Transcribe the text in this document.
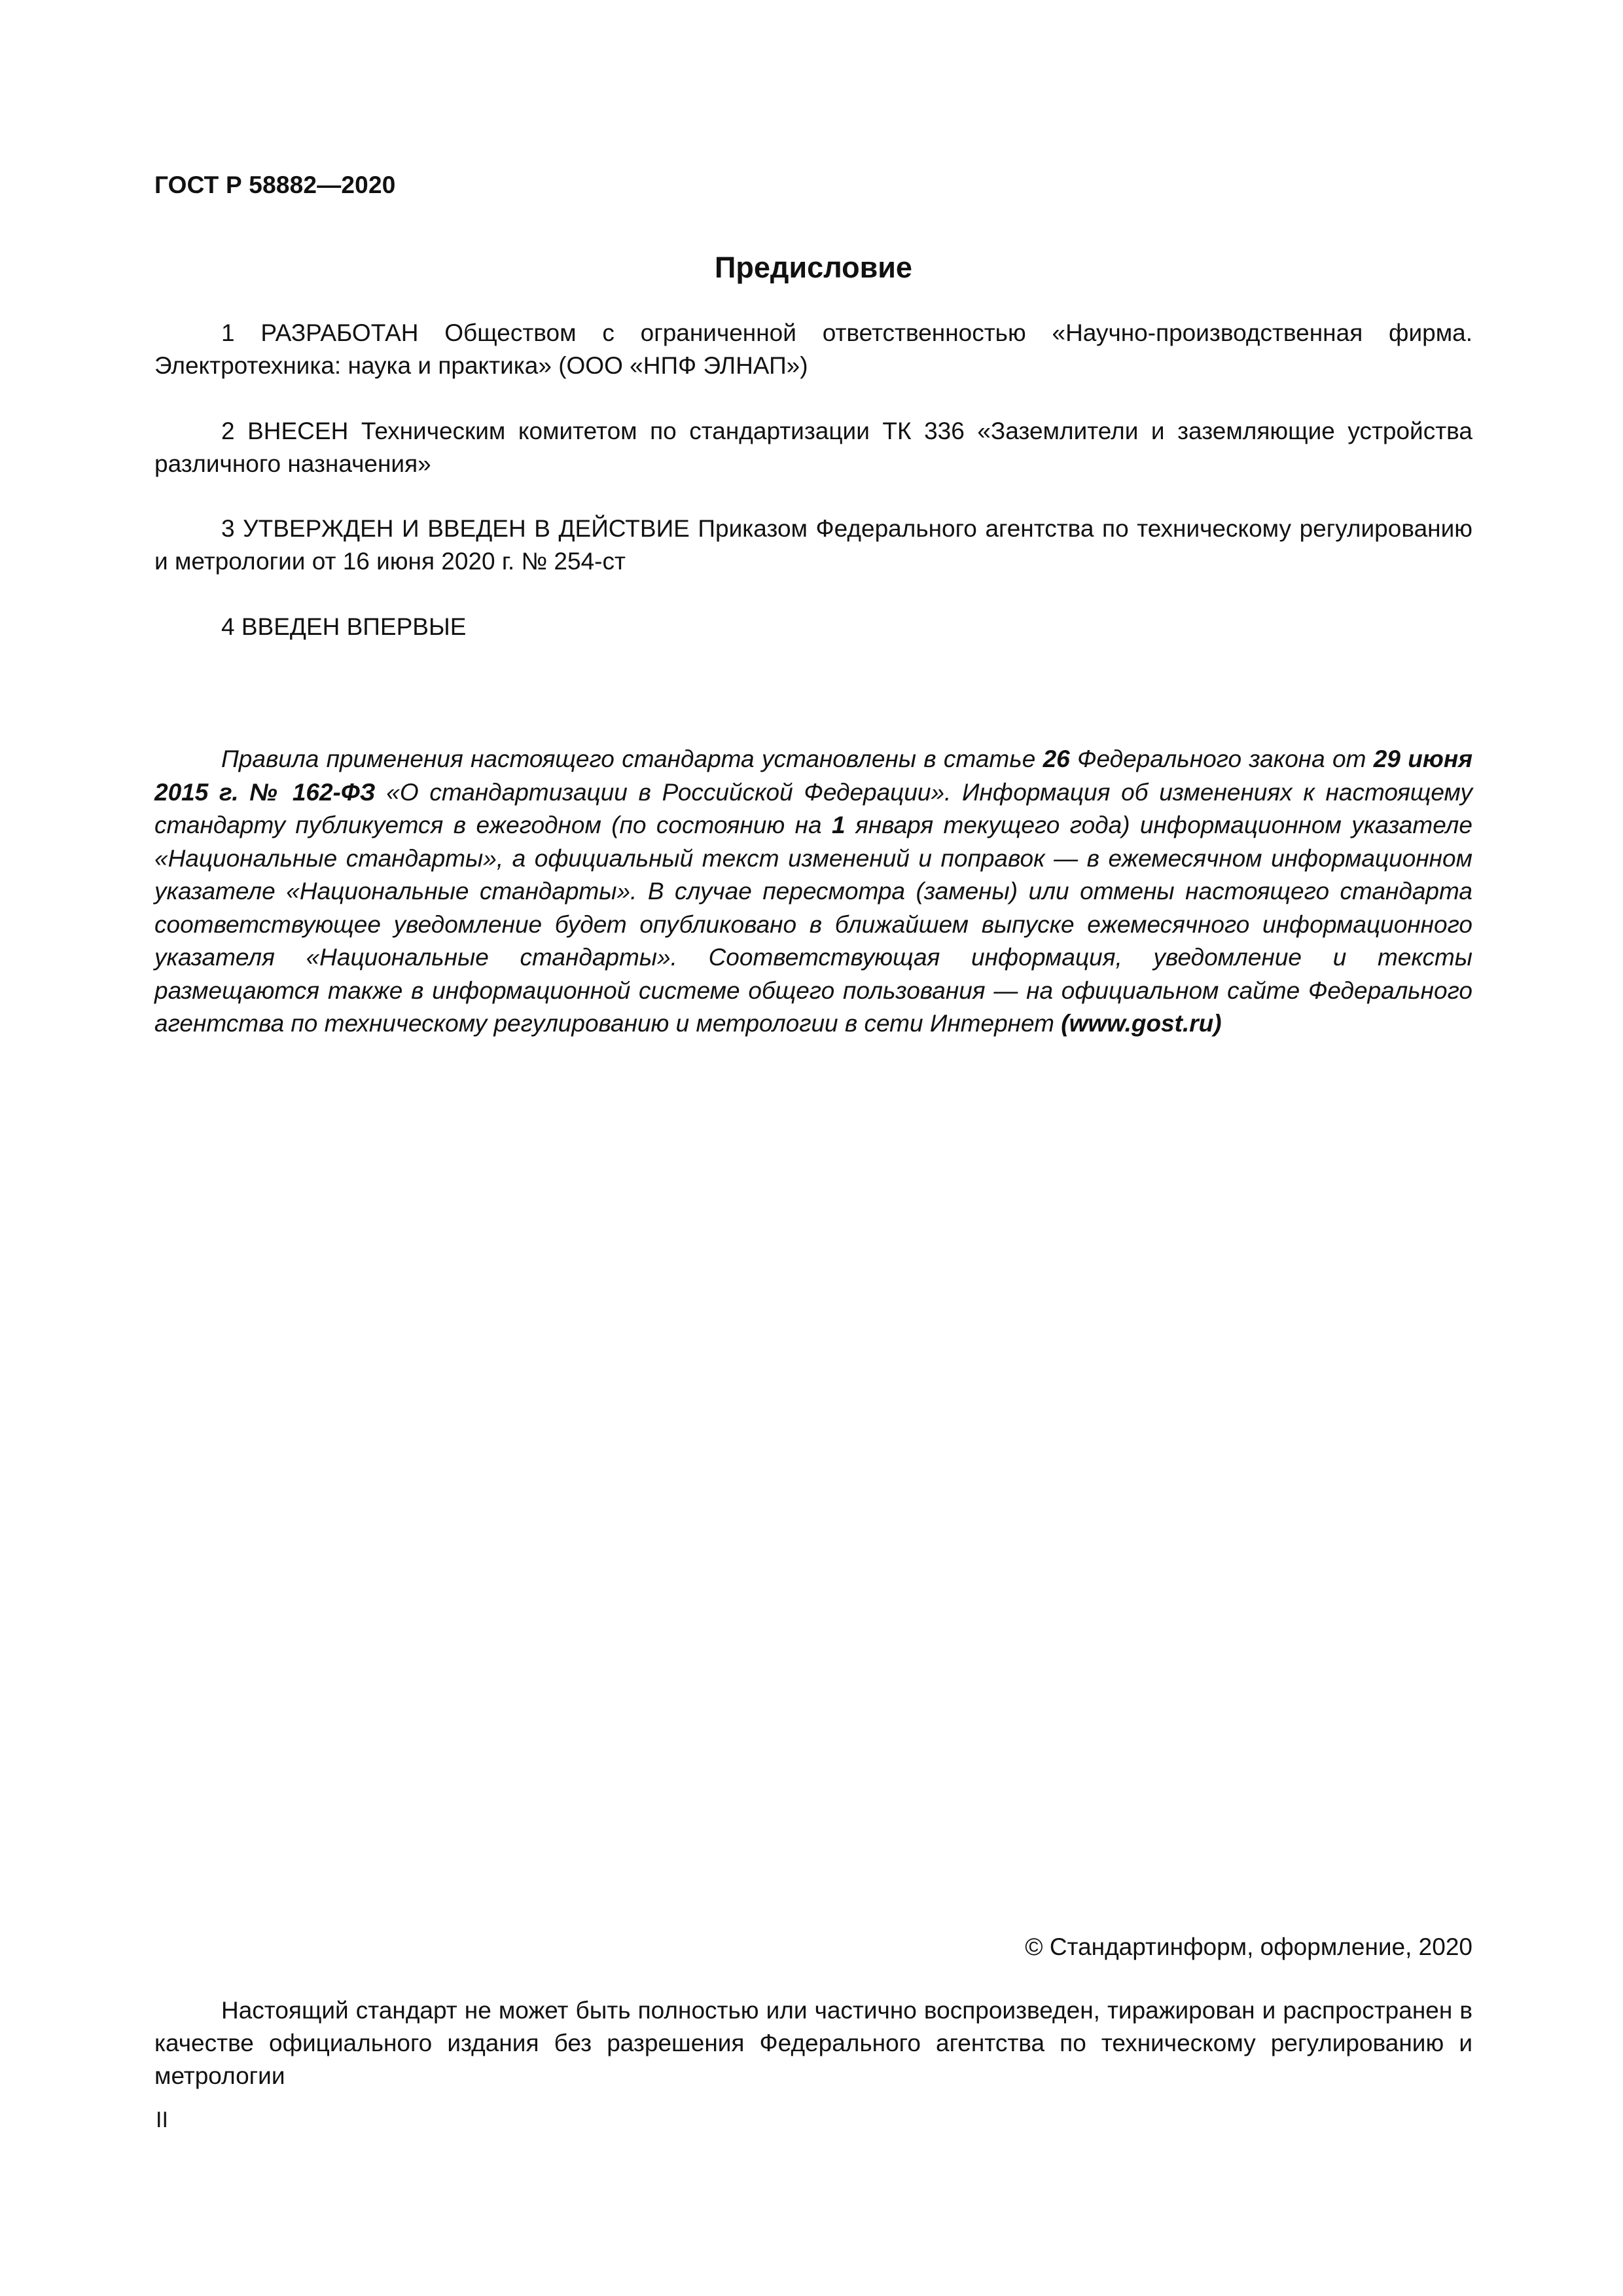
ГОСТ Р 58882—2020
Предисловие

1 РАЗРАБОТАН Обществом с ограниченной ответственностью «Научно-производственная фирма. Электротехника: наука и практика» (ООО «НПФ ЭЛНАП»)

2 ВНЕСЕН Техническим комитетом по стандартизации ТК 336 «Заземлители и заземляющие устройства различного назначения»

3 УТВЕРЖДЕН И ВВЕДЕН В ДЕЙСТВИЕ Приказом Федерального агентства по техническому регулированию и метрологии от 16 июня 2020 г. № 254-ст

4 ВВЕДЕН ВПЕРВЫЕ

Правила применения настоящего стандарта установлены в статье 26 Федерального закона от 29 июня 2015 г. № 162-ФЗ «О стандартизации в Российской Федерации». Информация об изменениях к настоящему стандарту публикуется в ежегодном (по состоянию на 1 января текущего года) информационном указателе «Национальные стандарты», а официальный текст изменений и поправок — в ежемесячном информационном указателе «Национальные стандарты». В случае пересмотра (замены) или отмены настоящего стандарта соответствующее уведомление будет опубликовано в ближайшем выпуске ежемесячного информационного указателя «Национальные стандарты». Соответствующая информация, уведомление и тексты размещаются также в информационной системе общего пользования — на официальном сайте Федерального агентства по техническому регулированию и метрологии в сети Интернет (www.gost.ru)

© Стандартинформ, оформление, 2020

Настоящий стандарт не может быть полностью или частично воспроизведен, тиражирован и распространен в качестве официального издания без разрешения Федерального агентства по техническому регулированию и метрологии

II
